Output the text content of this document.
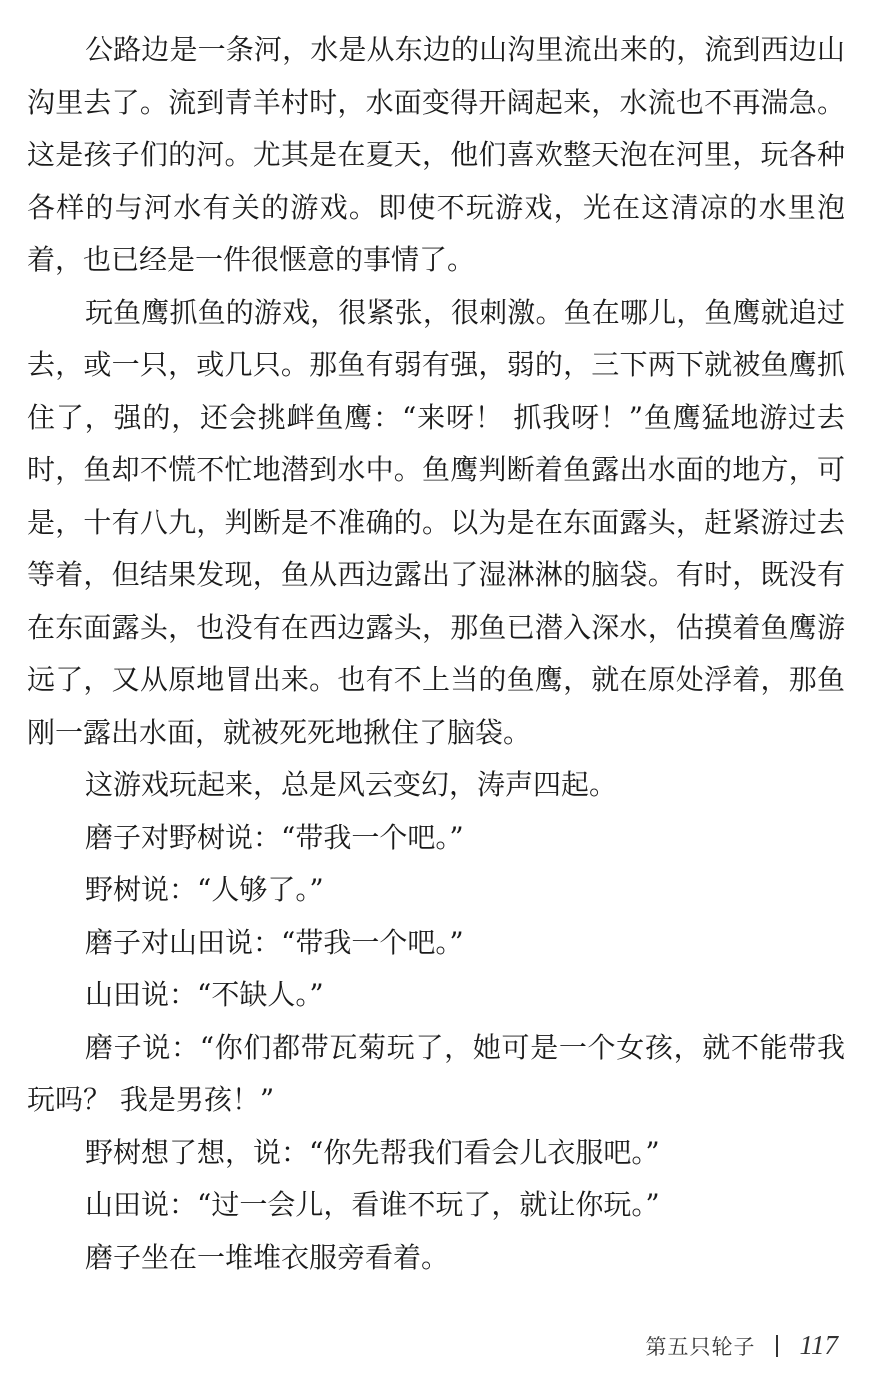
公路边是一条河，水是从东边的山沟里流出来的，流到西边山沟里去了。流到青羊村时，水面变得开阔起来，水流也不再湍急。这是孩子们的河。尤其是在夏天，他们喜欢整天泡在河里，玩各种各样的与河水有关的游戏。即使不玩游戏，光在这清凉的水里泡着，也已经是一件很惬意的事情了。

玩鱼鹰抓鱼的游戏，很紧张，很刺激。鱼在哪儿，鱼鹰就追过去，或一只，或几只。那鱼有弱有强，弱的，三下两下就被鱼鹰抓住了，强的，还会挑衅鱼鹰：“来呀！ 抓我呀！”鱼鹰猛地游过去时，鱼却不慌不忙地潜到水中。鱼鹰判断着鱼露出水面的地方，可是，十有八九，判断是不准确的。以为是在东面露头，赶紧游过去等着，但结果发现，鱼从西边露出了湿淋淋的脑袋。有时，既没有在东面露头，也没有在西边露头，那鱼已潜入深水，估摸着鱼鹰游远了，又从原地冒出来。也有不上当的鱼鹰，就在原处浮着，那鱼刚一露出水面，就被死死地揪住了脑袋。

这游戏玩起来，总是风云变幻，涛声四起。

磨子对野树说：“带我一个吧。”

野树说：“人够了。”

磨子对山田说：“带我一个吧。”

山田说：“不缺人。”

磨子说：“你们都带瓦菊玩了，她可是一个女孩，就不能带我玩吗？ 我是男孩！”

野树想了想，说：“你先帮我们看会儿衣服吧。”

山田说：“过一会儿，看谁不玩了，就让你玩。”

磨子坐在一堆堆衣服旁看着。

第五只轮子 117
